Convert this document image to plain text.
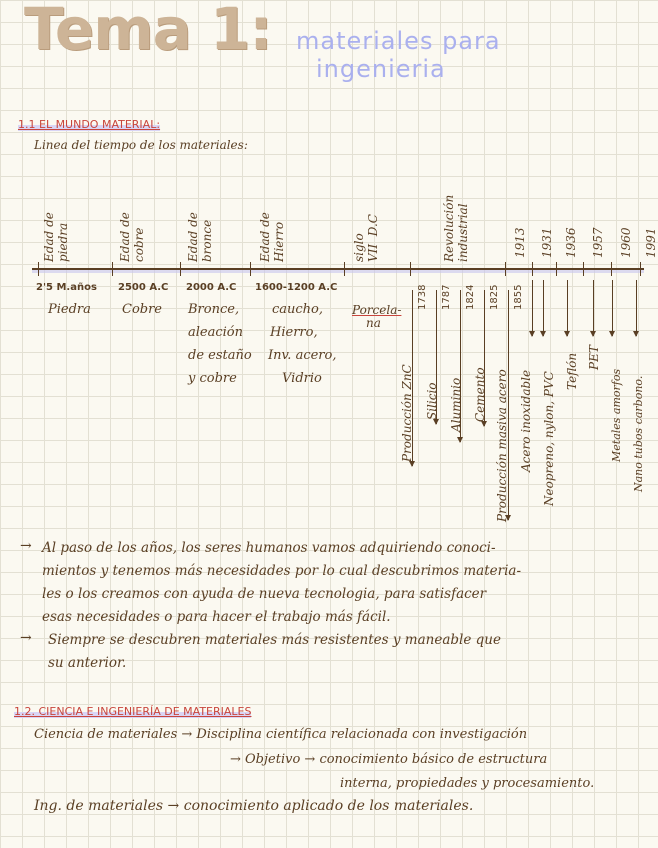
Tema 1: materiales para
ingenieria
1.1 EL MUNDO MATERIAL:
Linea del tiempo de los materiales:
Edad de
piedra	Edad de
cobre	Edad de
bronce	Edad de
Hierro	siglo
VII  D.C	Revolución
industrial	1913 1931 1936 1957 1960 1991
2'5 M.años
Piedra
2500 A.C
Cobre
2000 A.C
Bronce,
aleación
de estaño
y cobre
1600-1200 A.C
caucho,
Hierro,
Inv. acero,
Vidrio
Porcela-
na
Producción ZnC
1738
Silicio
1787
Aluminio
1824
Cemento
1825
Producción masiva acero
1855
Acero inoxidable Neopreno, nylon, PVC Teflón PET
Metales amorfos Nano tubos carbono.
→ Al paso de los años, los seres humanos vamos adquiriendo conoci-
mientos y tenemos más necesidades por lo cual descubrimos materia-
les o los creamos con ayuda de nueva tecnologia, para satisfacer
esas necesidades o para hacer el trabajo más fácil.
→ Siempre se descubren materiales más resistentes y maneable que
su anterior.
1.2. CIENCIA E INGENIERÍA DE MATERIALES
Ciencia de materiales → Disciplina científica relacionada con investigación
→ Objetivo → conocimiento básico de estructura
interna, propiedades y procesamiento.
Ing. de materiales → conocimiento aplicado de los materiales.
